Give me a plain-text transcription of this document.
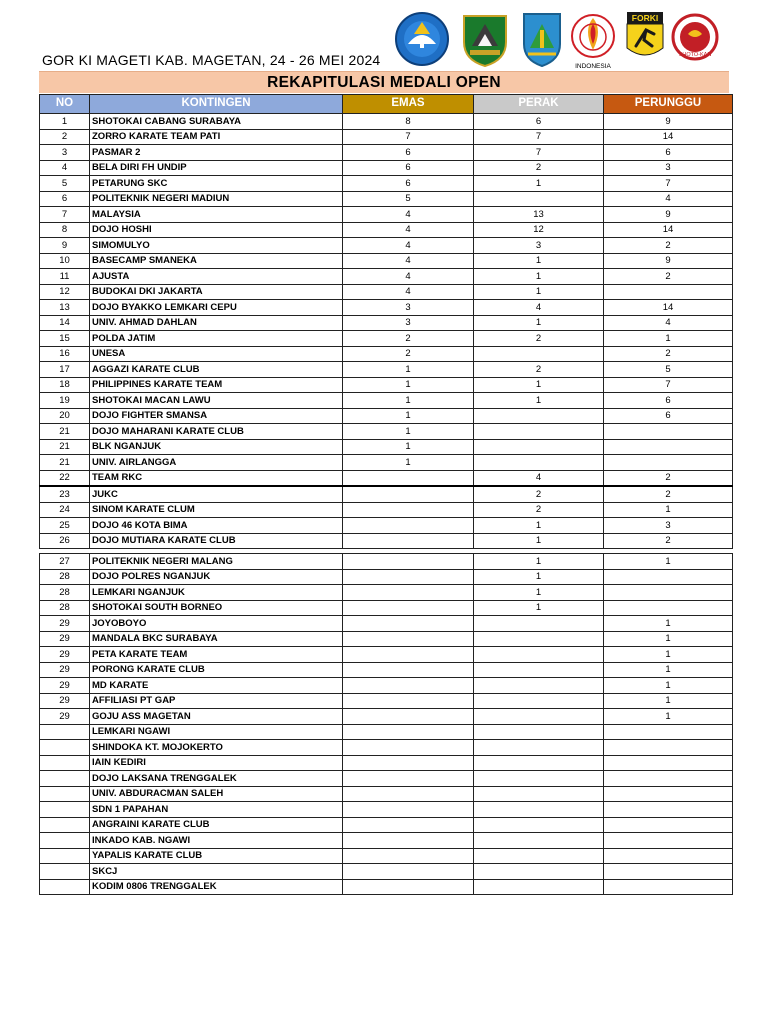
GOR KI MAGETI KAB. MAGETAN, 24 - 26 MEI 2024	INDONESIA
FORKI
SHOTO-KAN
REKAPITULASI MEDALI OPEN
NO	KONTINGEN	EMAS	PERAK	PERUNGGU
1	SHOTOKAI CABANG SURABAYA	8	6	9
2	ZORRO KARATE TEAM PATI	7	7	14
3	PASMAR 2	6	7	6
4	BELA DIRI FH UNDIP	6	2	3
5	PETARUNG SKC	6	1	7
6	POLITEKNIK NEGERI MADIUN	5		4
7	MALAYSIA	4	13	9
8	DOJO HOSHI	4	12	14
9	SIMOMULYO	4	3	2
10	BASECAMP SMANEKA	4	1	9
11	AJUSTA	4	1	2
12	BUDOKAI DKI JAKARTA	4	1	
13	DOJO BYAKKO LEMKARI CEPU	3	4	14
14	UNIV. AHMAD DAHLAN	3	1	4
15	POLDA JATIM	2	2	1
16	UNESA	2		2
17	AGGAZI KARATE CLUB	1	2	5
18	PHILIPPINES KARATE TEAM	1	1	7
19	SHOTOKAI MACAN LAWU	1	1	6
20	DOJO FIGHTER SMANSA	1		6
21	DOJO MAHARANI KARATE CLUB	1		
21	BLK NGANJUK	1		
21	UNIV. AIRLANGGA	1		
22	TEAM RKC		4	2
23	JUKC		2	2
24	SINOM KARATE CLUM		2	1
25	DOJO 46 KOTA BIMA		1	3
26	DOJO MUTIARA KARATE CLUB		1	2
27	POLITEKNIK NEGERI MALANG		1	1
28	DOJO POLRES NGANJUK		1	
28	LEMKARI NGANJUK		1	
28	SHOTOKAI SOUTH BORNEO		1	
29	JOYOBOYO			1
29	MANDALA BKC SURABAYA			1
29	PETA KARATE TEAM			1
29	PORONG KARATE CLUB			1
29	MD KARATE			1
29	AFFILIASI PT GAP			1
29	GOJU ASS MAGETAN			1
	LEMKARI NGAWI			
	SHINDOKA KT. MOJOKERTO			
	IAIN KEDIRI			
	DOJO LAKSANA TRENGGALEK			
	UNIV. ABDURACMAN SALEH			
	SDN 1 PAPAHAN			
	ANGRAINI KARATE CLUB			
	INKADO KAB. NGAWI			
	YAPALIS KARATE CLUB			
	SKCJ			
	KODIM 0806 TRENGGALEK			
